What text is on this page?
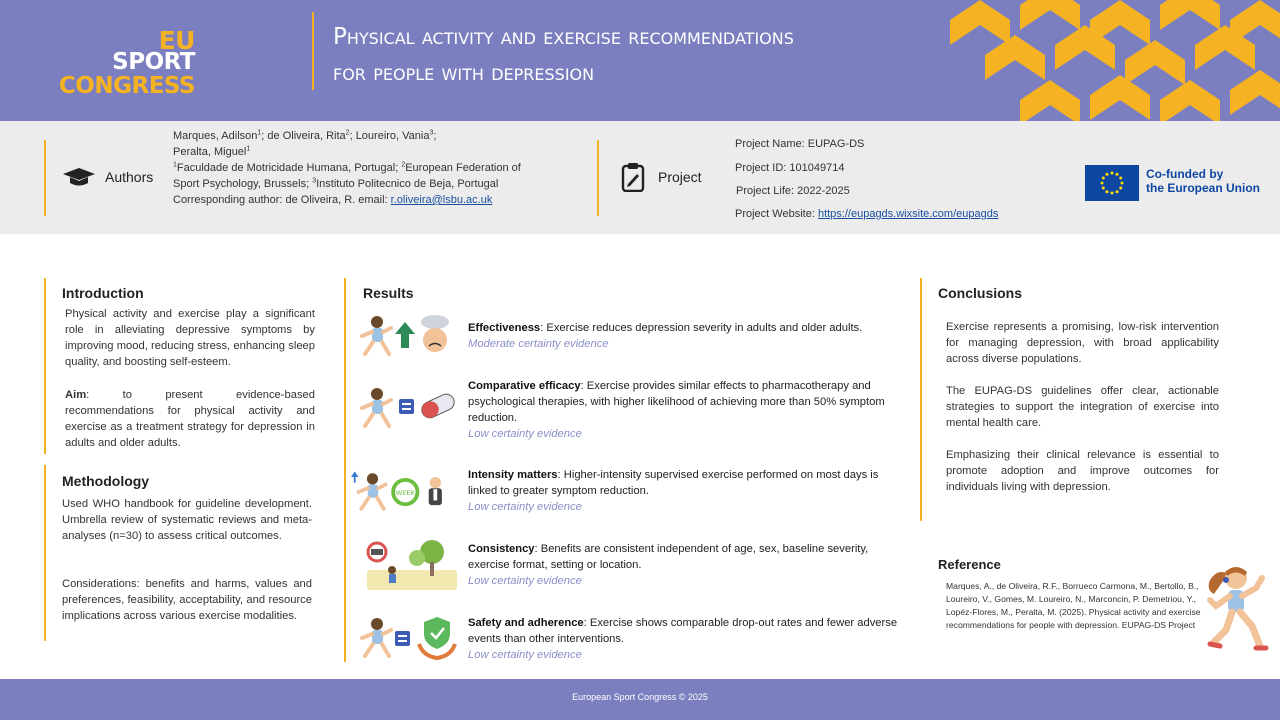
EU
SPORT
CONGRESS
Physical activity and exercise recommendations
for people with depression
Authors
Marques, Adilson$^1$; de Oliveira, Rita$^2$; Loureiro, Vania$^3$;
Peralta, Miguel$^1$
$^1$Faculdade de Motricidade Humana, Portugal; $^2$European Federation of
Sport Psychology, Brussels; $^3$Instituto Politecnico de Beja, Portugal
Corresponding author: de Oliveira, R. email: r.oliveira@lsbu.ac.uk
Project
Project Name: EUPAG-DS
Project ID: 101049714
Project Life: 2022-2025
Project Website: https://eupagds.wixsite.com/eupagds
Co-funded by
the European Union
Introduction
Physical activity and exercise play a significant role in alleviating depressive symptoms by improving mood, reducing stress, enhancing sleep quality, and boosting self-esteem.
Aim: to present evidence-based recommendations for physical activity and exercise as a treatment strategy for depression in adults and older adults.
Methodology
Used WHO handbook for guideline development. Umbrella review of systematic reviews and meta-analyses (n=30) to assess critical outcomes.
Considerations: benefits and harms, values and preferences, feasibility, acceptability, and resource implications across various exercise modalities.
Results
Effectiveness: Exercise reduces depression severity in adults and older adults.
Moderate certainty evidence
Comparative efficacy: Exercise provides similar effects to pharmacotherapy and psychological therapies, with higher likelihood of achieving more than 50% symptom reduction.
Low certainty evidence
WEEK
Intensity matters: Higher-intensity supervised exercise performed on most days is linked to greater symptom reduction.
Low certainty evidence
Consistency: Benefits are consistent independent of age, sex, baseline severity, exercise format, setting or location.
Low certainty evidence
Safety and adherence: Exercise shows comparable drop-out rates and fewer adverse events than other interventions.
Low certainty evidence
Conclusions
Exercise represents a promising, low-risk intervention for managing depression, with broad applicability across diverse populations.
The EUPAG-DS guidelines offer clear, actionable strategies to support the integration of exercise into mental health care.
Emphasizing their clinical relevance is essential to promote adoption and improve outcomes for individuals living with depression.
Reference
Marques, A., de Oliveira, R.F., Borrueco Carmona, M., Bertollo, B., Loureiro, V., Gomes, M. Loureiro, N., Marconcin, P. Demetriou, Y., Lopéz-Flores, M., Peralta, M. (2025). Physical activity and exercise recommendations for people with depression. EUPAG-DS Project
European Sport Congress © 2025
